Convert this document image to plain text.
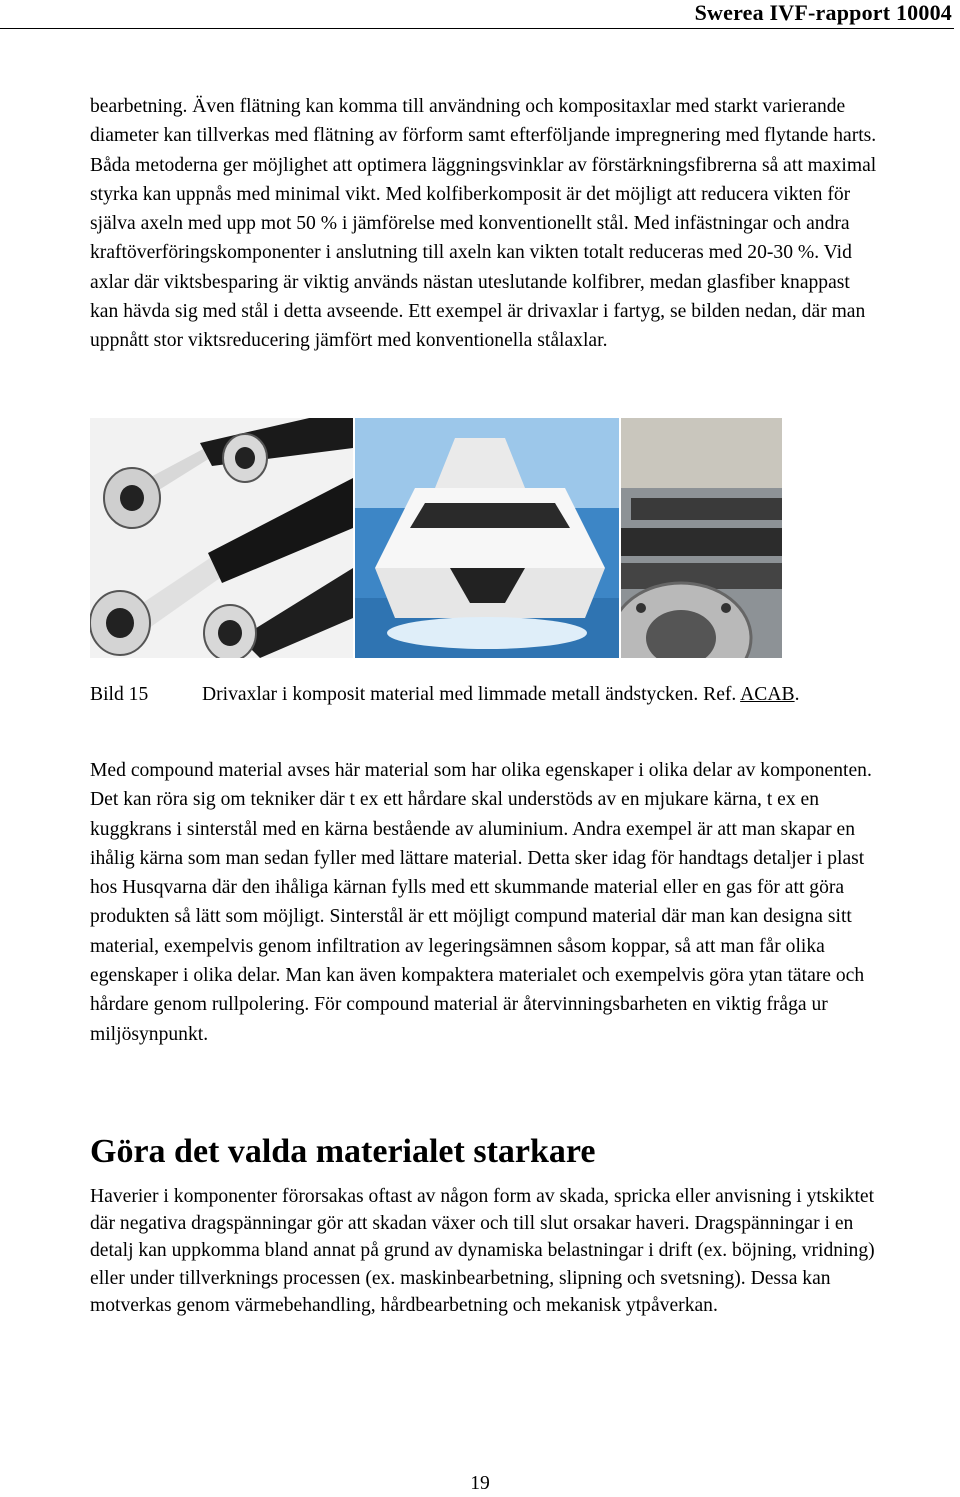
Swerea IVF-rapport 10004

bearbetning. Även flätning kan komma till användning och kompositaxlar med starkt varierande diameter kan tillverkas med flätning av förform samt efterföljande impregnering med flytande harts. Båda metoderna ger möjlighet att optimera läggningsvinklar av förstärkningsfibrerna så att maximal styrka kan uppnås med minimal vikt. Med kolfiberkomposit är det möjligt att reducera vikten för själva axeln med upp mot 50 % i jämförelse med konventionellt stål. Med infästningar och andra kraftöverföringskomponenter i anslutning till axeln kan vikten totalt reduceras med 20-30 %. Vid axlar där viktsbesparing är viktig används nästan uteslutande kolfibrer, medan glasfiber knappast kan hävda sig med stål i detta avseende. Ett exempel är drivaxlar i fartyg, se bilden nedan, där man uppnått stor viktsreducering jämfört med konventionella stålaxlar.

Bild 15	Drivaxlar i komposit material med limmade metall ändstycken. Ref. ACAB.

Med compound material avses här material som har olika egenskaper i olika delar av komponenten. Det kan röra sig om tekniker där t ex ett hårdare skal understöds av en mjukare kärna, t ex en kuggkrans i sinterstål med en kärna bestående av aluminium. Andra exempel är att man skapar en ihålig kärna som man sedan fyller med lättare material. Detta sker idag för handtags detaljer i plast hos Husqvarna där den ihåliga kärnan fylls med ett skummande material eller en gas för att göra produkten så lätt som möjligt. Sinterstål är ett möjligt compund material där man kan designa sitt material, exempelvis genom infiltration av legeringsämnen såsom koppar, så att man får olika egenskaper i olika delar. Man kan även kompaktera materialet och exempelvis göra ytan tätare och hårdare genom rullpolering. För compound material är återvinningsbarheten en viktig fråga ur miljösynpunkt.

Göra det valda materialet starkare

Haverier i komponenter förorsakas oftast av någon form av skada, spricka eller anvisning i ytskiktet där negativa dragspänningar gör att skadan växer och till slut orsakar haveri. Dragspänningar i en detalj kan uppkomma bland annat på grund av dynamiska belastningar i drift (ex. böjning, vridning) eller under tillverknings processen (ex. maskinbearbetning, slipning och svetsning). Dessa kan motverkas genom värmebehandling, hårdbearbetning och mekanisk ytpåverkan.

19
